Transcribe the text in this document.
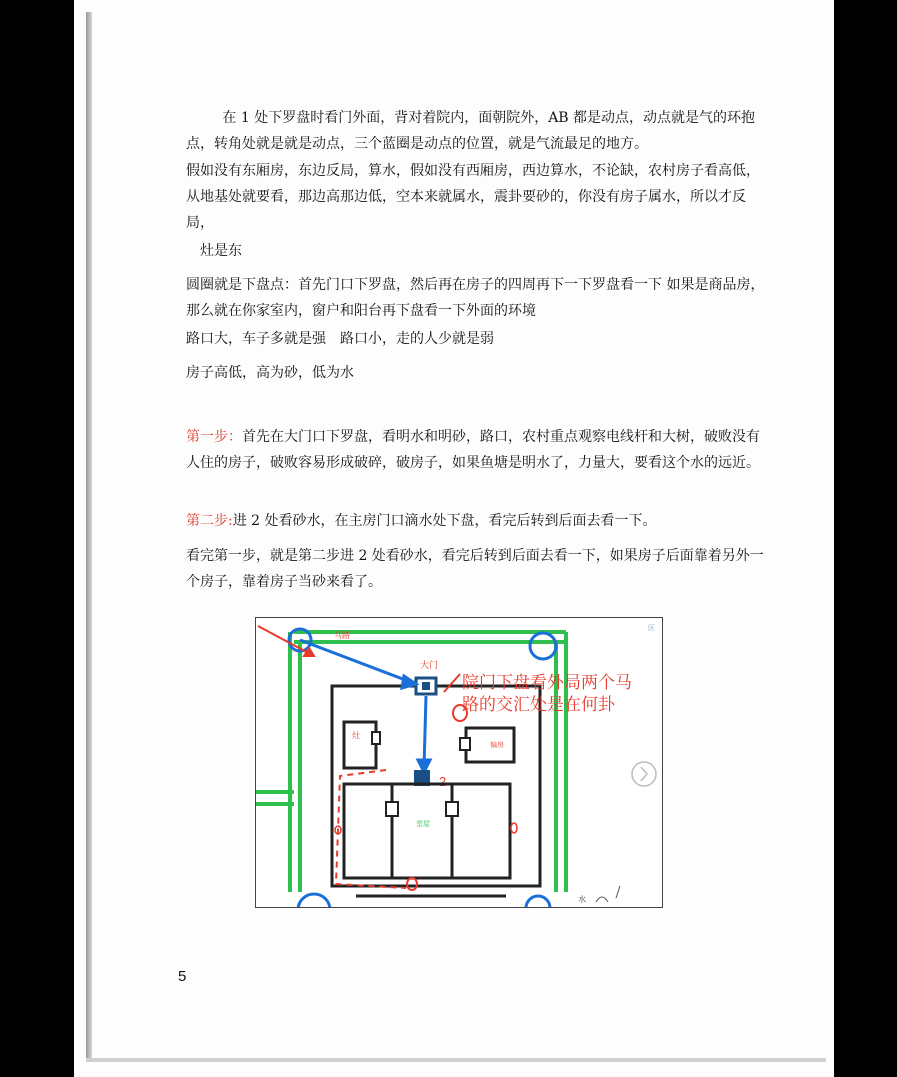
在 1 处下罗盘时看门外面，背对着院内，面朝院外，AB 都是动点，动点就是气的环抱点，转角处就是就是动点，三个蓝圈是动点的位置，就是气流最足的地方。

假如没有东厢房，东边反局，算水，假如没有西厢房，西边算水，不论缺，农村房子看高低，从地基处就要看，那边高那边低，空本来就属水，震卦要砂的，你没有房子属水，所以才反局，

灶是东

圆圈就是下盘点：首先门口下罗盘，然后再在房子的四周再下一下罗盘看一下 如果是商品房，那么就在你家室内，窗户和阳台再下盘看一下外面的环境

路口大，车子多就是强　路口小，走的人少就是弱

房子高低，高为砂，低为水

第一步：首先在大门口下罗盘，看明水和明砂，路口，农村重点观察电线杆和大树，破败没有人住的房子，破败容易形成破碎，破房子，如果鱼塘是明水了，力量大，要看这个水的远近。

第二步:进 2 处看砂水，在主房门口滴水处下盘，看完后转到后面去看一下。

看完第一步，就是第二步进 2 处看砂水，看完后转到后面去看一下，如果房子后面靠着另外一个房子，靠着房子当砂来看了。

马路
大门
院门下盘看外局两个马
路的交汇处是在何卦
灶
偏房
2
堂屋
水
区
5
